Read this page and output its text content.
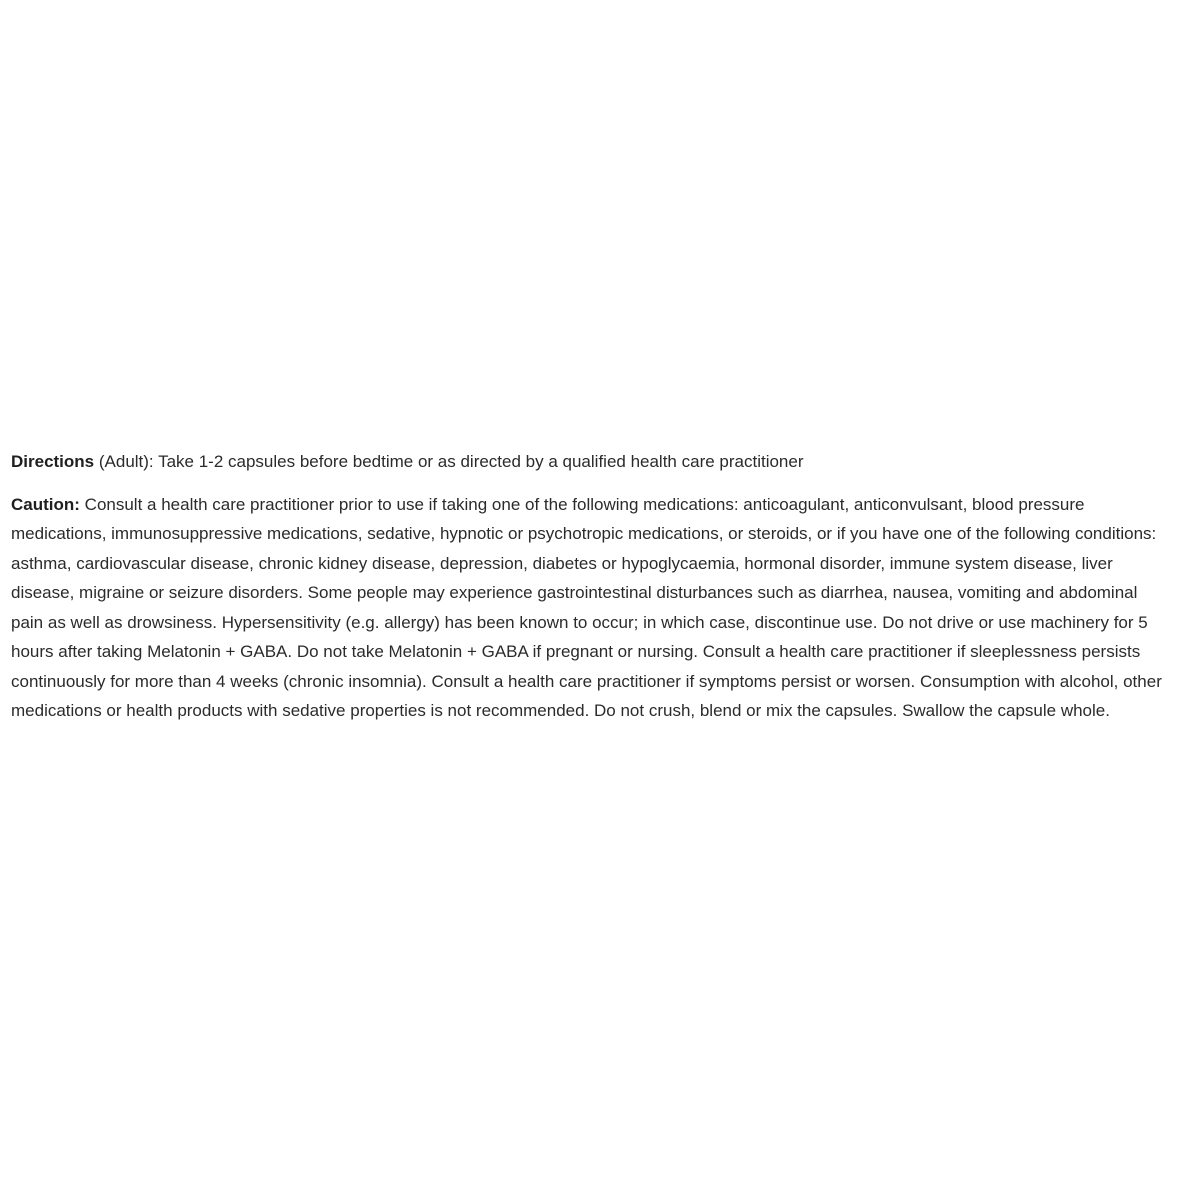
Directions (Adult): Take 1-2 capsules before bedtime or as directed by a qualified health care practitioner

Caution: Consult a health care practitioner prior to use if taking one of the following medications: anticoagulant, anticonvulsant, blood pressure medications, immunosuppressive medications, sedative, hypnotic or psychotropic medications, or steroids, or if you have one of the following conditions: asthma, cardiovascular disease, chronic kidney disease, depression, diabetes or hypoglycaemia, hormonal disorder, immune system disease, liver disease, migraine or seizure disorders. Some people may experience gastrointestinal disturbances such as diarrhea, nausea, vomiting and abdominal pain as well as drowsiness. Hypersensitivity (e.g. allergy) has been known to occur; in which case, discontinue use. Do not drive or use machinery for 5 hours after taking Melatonin + GABA. Do not take Melatonin + GABA if pregnant or nursing. Consult a health care practitioner if sleeplessness persists continuously for more than 4 weeks (chronic insomnia). Consult a health care practitioner if symptoms persist or worsen. Consumption with alcohol, other medications or health products with sedative properties is not recommended. Do not crush, blend or mix the capsules. Swallow the capsule whole.
